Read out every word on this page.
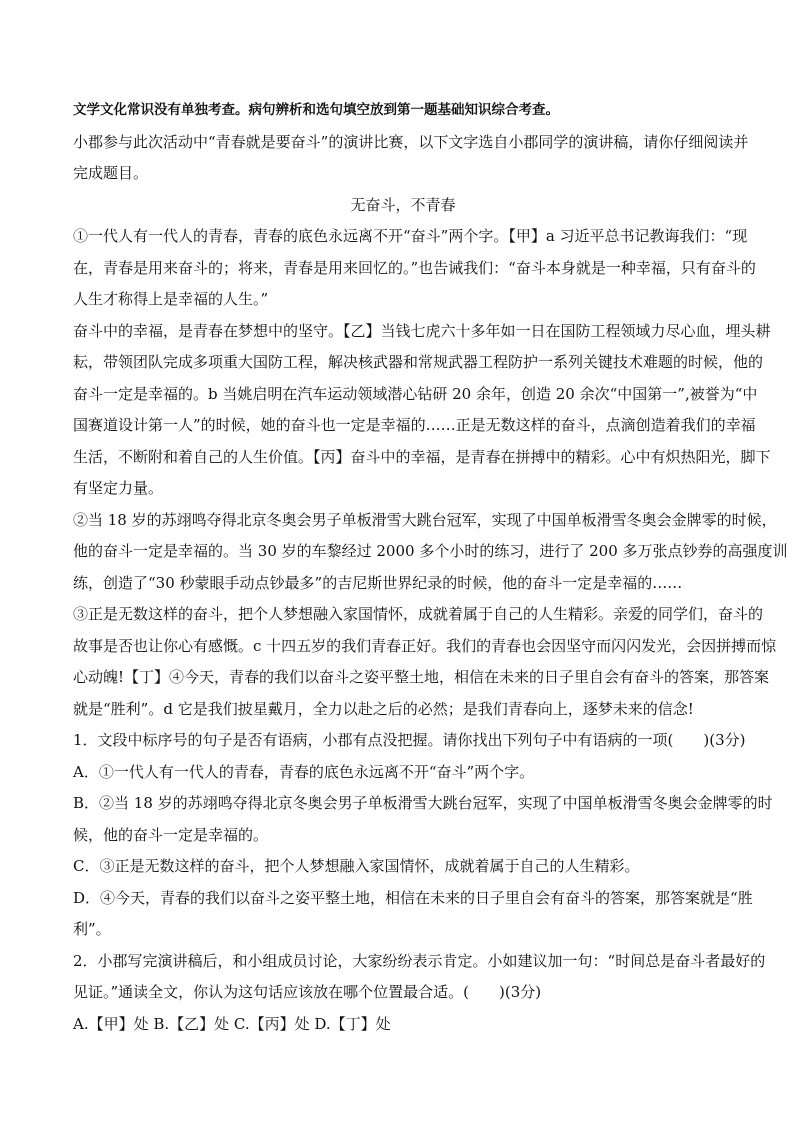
文学文化常识没有单独考查。病句辨析和选句填空放到第一题基础知识综合考查。
小郡参与此次活动中“青春就是要奋斗”的演讲比赛，以下文字选自小郡同学的演讲稿，请你仔细阅读并
完成题目。
无奋斗，不青春
①一代人有一代人的青春，青春的底色永远离不开“奋斗”两个字。【甲】a 习近平总书记教诲我们：“现
在，青春是用来奋斗的；将来，青春是用来回忆的。”也告诫我们：“奋斗本身就是一种幸福，只有奋斗的
人生才称得上是幸福的人生。”
奋斗中的幸福，是青春在梦想中的坚守。【乙】当钱七虎六十多年如一日在国防工程领域力尽心血，埋头耕
耘，带领团队完成多项重大国防工程，解决核武器和常规武器工程防护一系列关键技术难题的时候，他的
奋斗一定是幸福的。b 当姚启明在汽车运动领域潜心钻研 20 余年，创造 20 余次“中国第一”,被誉为“中
国赛道设计第一人”的时候，她的奋斗也一定是幸福的……正是无数这样的奋斗，点滴创造着我们的幸福
生活，不断附和着自己的人生价值。【丙】奋斗中的幸福，是青春在拼搏中的精彩。心中有炽热阳光，脚下
有坚定力量。
②当 18 岁的苏翊鸣夺得北京冬奥会男子单板滑雪大跳台冠军，实现了中国单板滑雪冬奥会金牌零的时候，
他的奋斗一定是幸福的。当 30 岁的车黎经过 2000 多个小时的练习，进行了 200 多万张点钞券的高强度训
练，创造了“30 秒蒙眼手动点钞最多”的吉尼斯世界纪录的时候，他的奋斗一定是幸福的……
③正是无数这样的奋斗，把个人梦想融入家国情怀，成就着属于自己的人生精彩。亲爱的同学们，奋斗的
故事是否也让你心有感慨。c 十四五岁的我们青春正好。我们的青春也会因坚守而闪闪发光，会因拼搏而惊
心动魄!【丁】④今天，青春的我们以奋斗之姿平整土地，相信在未来的日子里自会有奋斗的答案，那答案
就是“胜利”。d 它是我们披星戴月，全力以赴之后的必然；是我们青春向上，逐梦未来的信念!
1．文段中标序号的句子是否有语病，小郡有点没把握。请你找出下列句子中有语病的一项(　　)(3分)
A．①一代人有一代人的青春，青春的底色永远离不开“奋斗”两个字。
B．②当 18 岁的苏翊鸣夺得北京冬奥会男子单板滑雪大跳台冠军，实现了中国单板滑雪冬奥会金牌零的时
候，他的奋斗一定是幸福的。
C．③正是无数这样的奋斗，把个人梦想融入家国情怀，成就着属于自己的人生精彩。
D．④今天，青春的我们以奋斗之姿平整土地，相信在未来的日子里自会有奋斗的答案，那答案就是“胜
利”。
2．小郡写完演讲稿后，和小组成员讨论，大家纷纷表示肯定。小如建议加一句：“时间总是奋斗者最好的
见证。”通读全文，你认为这句话应该放在哪个位置最合适。(　　)(3分)
A.【甲】处 B.【乙】处 C.【丙】处 D.【丁】处
